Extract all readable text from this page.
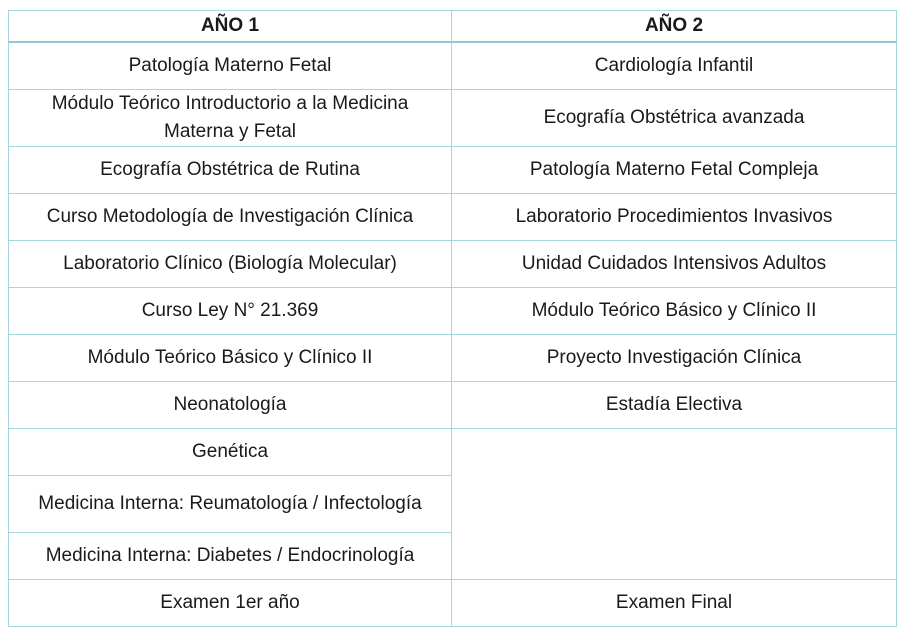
AÑO 1	AÑO 2
Patología Materno Fetal	Cardiología Infantil
Módulo Teórico Introductorio a la Medicina Materna y Fetal	Ecografía Obstétrica avanzada
Ecografía Obstétrica de Rutina	Patología Materno Fetal Compleja
Curso Metodología de Investigación Clínica	Laboratorio Procedimientos Invasivos
Laboratorio Clínico (Biología Molecular)	Unidad Cuidados Intensivos Adultos
Curso Ley N° 21.369	Módulo Teórico Básico y Clínico II
Módulo Teórico Básico y Clínico II	Proyecto Investigación Clínica
Neonatología	Estadía Electiva
Genética	
Medicina Interna: Reumatología / Infectología	
Medicina Interna: Diabetes / Endocrinología	
Examen 1er año	Examen Final
